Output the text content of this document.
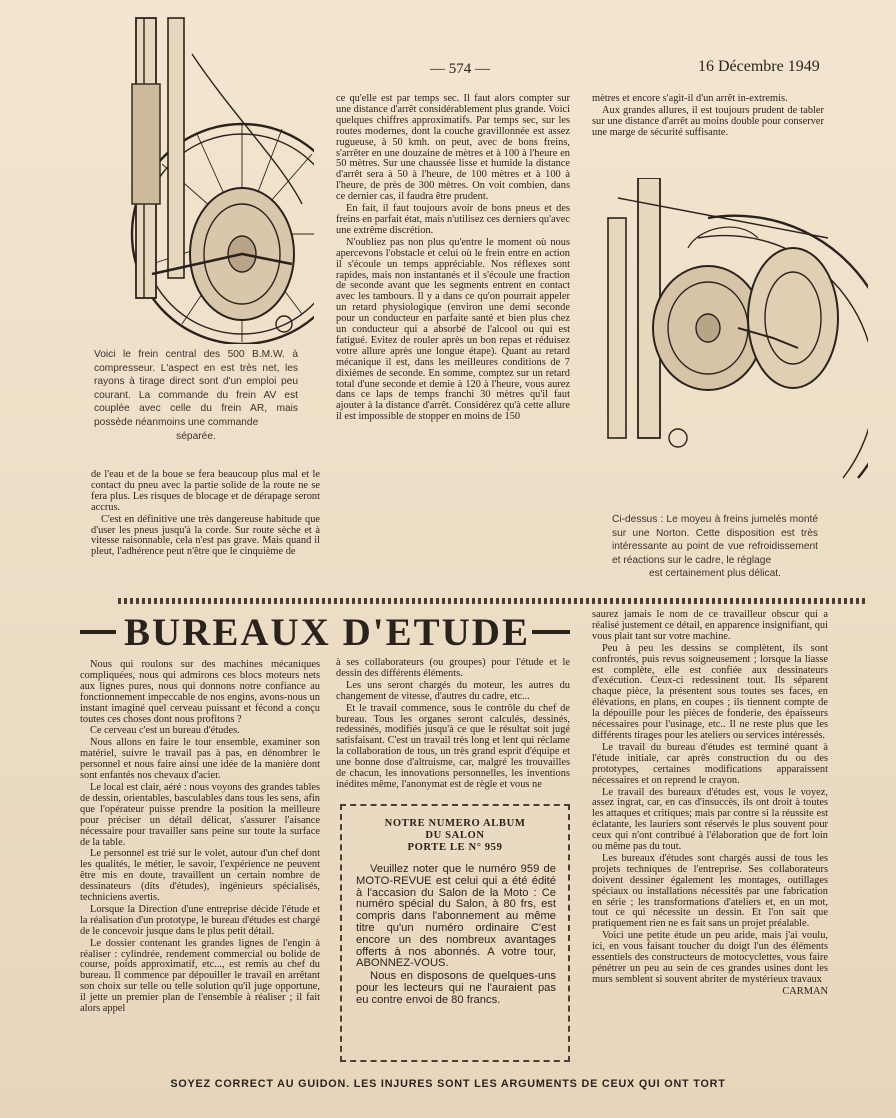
— 574 —	16 Décembre 1949

Voici le frein central des 500 B.M.W. à compresseur. L'aspect en est très net, les rayons à tirage direct sont d'un emploi peu courant. La commande du frein AV est couplée avec celle du frein AR, mais possède néanmoins une commande
séparée.

Ci-dessus : Le moyeu à freins jumelés monté sur une Norton. Cette disposition est très intéressante au point de vue refroidissement et réactions sur le cadre, le réglage
est certainement plus délicat.

de l'eau et de la boue se fera beaucoup plus mal et le contact du pneu avec la partie solide de la route ne se fera plus. Les risques de blocage et de dérapage seront accrus.

C'est en définitive une très dangereuse habitude que d'user les pneus jusqu'à la corde. Sur route sèche et à vitesse raisonnable, cela n'est pas grave. Mais quand il pleut, l'adhérence peut n'être que le cinquième de

ce qu'elle est par temps sec. Il faut alors compter sur une distance d'arrêt considérablement plus grande. Voici quelques chiffres approximatifs. Par temps sec, sur les routes modernes, dont la couche gravillonnée est assez rugueuse, à 50 kmh. on peut, avec de bons freins, s'arrêter en une douzaine de mètres et à 100 à l'heure en 50 mètres. Sur une chaussée lisse et humide la distance d'arrêt sera à 50 à l'heure, de 100 mètres et à 100 à l'heure, de près de 300 mètres. On voit combien, dans ce dernier cas, il faudra être prudent.

En fait, il faut toujours avoir de bons pneus et des freins en parfait état, mais n'utilisez ces derniers qu'avec une extrême discrétion.

N'oubliez pas non plus qu'entre le moment où nous apercevons l'obstacle et celui où le frein entre en action il s'écoule un temps appréciable. Nos réflexes sont rapides, mais non instantanés et il s'écoule une fraction de seconde avant que les segments entrent en contact avec les tambours. Il y a dans ce qu'on pourrait appeler un retard physiologique (environ une demi seconde pour un conducteur en parfaite santé et bien plus chez un conducteur qui a absorbé de l'alcool ou qui est fatigué. Evitez de rouler après un bon repas et réduisez votre allure après une longue étape). Quant au retard mécanique il est, dans les meilleures conditions de 7 dixièmes de seconde. En somme, comptez sur un retard total d'une seconde et demie à 120 à l'heure, vous aurez dans ce laps de temps franchi 30 mètres qu'il faut ajouter à la distance d'arrêt. Considérez qu'à cette allure il est impossible de stopper en moins de 150

mètres et encore s'agit-il d'un arrêt in-extremis.

Aux grandes allures, il est toujours prudent de tabler sur une distance d'arrêt au moins double pour conserver une marge de sécurité suffisante.

BUREAUX D'ETUDE

Nous qui roulons sur des machines mécaniques compliquées, nous qui admirons ces blocs moteurs nets aux lignes pures, nous qui donnons notre confiance au fonctionnement impeccable de nos engins, avons-nous un instant imaginé quel cerveau puissant et fécond a conçu toutes ces choses dont nous profitons ?

Ce cerveau c'est un bureau d'études.

Nous allons en faire le tour ensemble, examiner son matériel, suivre le travail pas à pas, en dénombrer le personnel et nous faire ainsi une idée de la manière dont sont enfantés nos chevaux d'acier.

Le local est clair, aéré : nous voyons des grandes tables de dessin, orientables, basculables dans tous les sens, afin que l'opérateur puisse prendre la position la meilleure pour préciser un détail délicat, s'assurer l'aisance nécessaire pour travailler sans peine sur toute la surface de la table.

Le personnel est trié sur le volet, autour d'un chef dont les qualités, le métier, le savoir, l'expérience ne peuvent être mis en doute, travaillent un certain nombre de dessinateurs (dits d'études), ingénieurs spécialisés, techniciens avertis.

Lorsque la Direction d'une entreprise décide l'étude et la réalisation d'un prototype, le bureau d'études est chargé de le concevoir jusque dans le plus petit détail.

Le dossier contenant les grandes lignes de l'engin à réaliser : cylindrée, rendement commercial ou bolide de course, poids approximatif, etc..., est remis au chef du bureau. Il commence par dépouiller le travail en arrêtant son choix sur telle ou telle solution qu'il juge opportune, il jette un premier plan de l'ensemble à réaliser ; il fait alors appel

à ses collaborateurs (ou groupes) pour l'étude et le dessin des différents éléments.

Les uns seront chargés du moteur, les autres du changement de vitesse, d'autres du cadre, etc...

Et le travail commence, sous le contrôle du chef de bureau. Tous les organes seront calculés, dessinés, redessinés, modifiés jusqu'à ce que le résultat soit jugé satisfaisant. C'est un travail très long et lent qui réclame la collaboration de tous, un très grand esprit d'équipe et une bonne dose d'altruisme, car, malgré les trouvailles de chacun, les innovations personnelles, les inventions inédites même, l'anonymat est de règle et vous ne

NOTRE NUMERO ALBUM
DU SALON
PORTE LE N° 959

Veuillez noter que le numéro 959 de MOTO-REVUE est celui qui a été édité à l'accasion du Salon de la Moto : Ce numéro spécial du Salon, à 80 frs, est compris dans l'abonnement au même titre qu'un numéro ordinaire C'est encore un des nombreux avantages offerts à nos abonnés. A votre tour, ABONNEZ-VOUS.

Nous en disposons de quelques-uns pour les lecteurs qui ne l'auraient pas eu contre envoi de 80 francs.

saurez jamais le nom de ce travailleur obscur qui a réalisé justement ce détail, en apparence insignifiant, qui vous plait tant sur votre machine.

Peu à peu les dessins se complètent, ils sont confrontés, puis revus soigneusement ; lorsque la liasse est complète, elle est confiée aux dessinateurs d'exécution. Ceux-ci redessinent tout. Ils séparent chaque pièce, la présentent sous toutes ses faces, en élévations, en plans, en coupes ; ils tiennent compte de la dépouille pour les pièces de fonderie, des épaisseurs nécessaires pour l'usinage, etc.. Il ne reste plus que les différents tirages pour les ateliers ou services intéressés.

Le travail du bureau d'études est terminé quant à l'étude initiale, car après construction du ou des prototypes, certaines modifications apparaissent nécessaires et on reprend le crayon.

Le travail des bureaux d'études est, vous le voyez, assez ingrat, car, en cas d'insuccès, ils ont droit à toutes les attaques et critiques; mais par contre si la réussite est éclatante, les lauriers sont réservés le plus souvent pour ceux qui n'ont contribué à l'élaboration que de fort loin ou même pas du tout.

Les bureaux d'études sont chargés aussi de tous les projets techniques de l'entreprise. Ses collaborateurs doivent dessiner également les montages, outillages spéciaux ou installations nécessités par une fabrication en série ; les transformations d'ateliers et, en un mot, tout ce qui nécessite un dessin. Et l'on sait que pratiquement rien ne es fait sans un projet préalable.

Voici une petite étude un peu aride, mais j'ai voulu, ici, en vous faisant toucher du doigt l'un des éléments essentiels des constructeurs de motocyclettes, vous faire pénétrer un peu au sein de ces grandes usines dont les murs semblent si souvent abriter de mystérieux travaux

CARMAN
SOYEZ CORRECT AU GUIDON. LES INJURES SONT LES ARGUMENTS DE CEUX QUI ONT TORT
